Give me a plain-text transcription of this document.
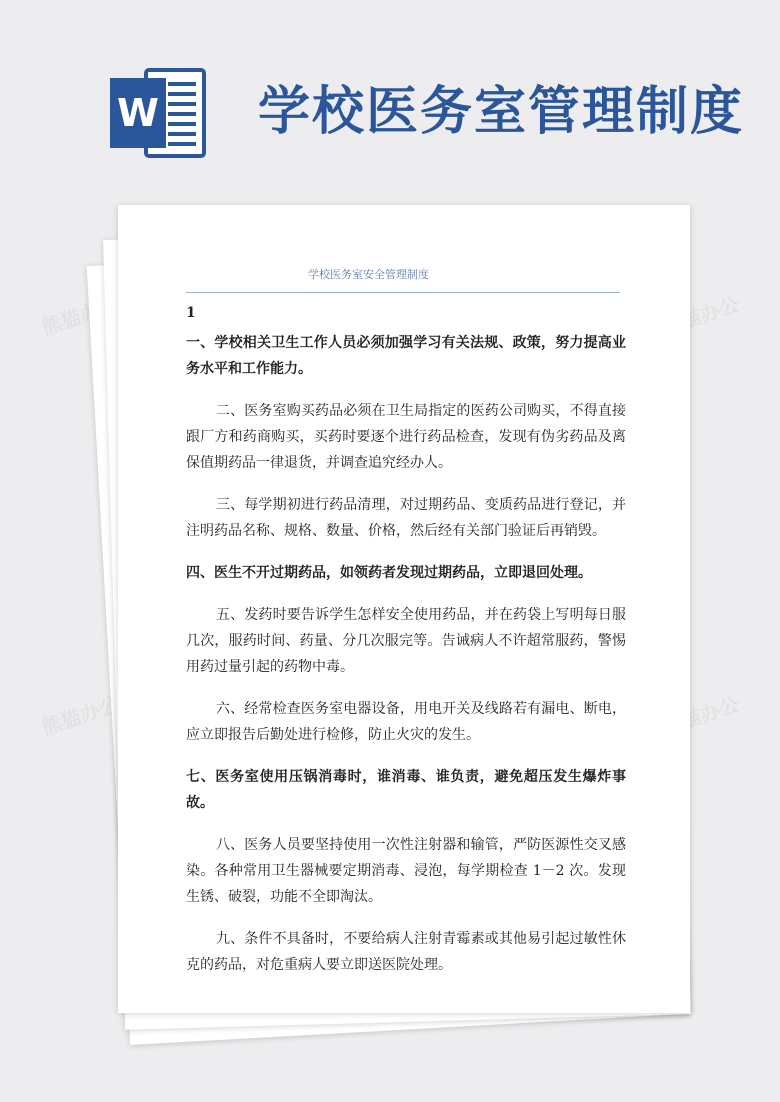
W 学校医务室管理制度
熊猫办公	熊猫办公
熊猫办公	熊猫办公
学校医务室安全管理制度

1

一、学校相关卫生工作人员必须加强学习有关法规、政策，努力提高业务水平和工作能力。

二、医务室购买药品必须在卫生局指定的医药公司购买，不得直接跟厂方和药商购买，买药时要逐个进行药品检查，发现有伪劣药品及离保值期药品一律退货，并调查追究经办人。

三、每学期初进行药品清理，对过期药品、变质药品进行登记，并注明药品名称、规格、数量、价格，然后经有关部门验证后再销毁。

四、医生不开过期药品，如领药者发现过期药品，立即退回处理。

五、发药时要告诉学生怎样安全使用药品，并在药袋上写明每日服几次，服药时间、药量、分几次服完等。告诫病人不许超常服药，警惕用药过量引起的药物中毒。

六、经常检查医务室电器设备，用电开关及线路若有漏电、断电，应立即报告后勤处进行检修，防止火灾的发生。

七、医务室使用压锅消毒时，谁消毒、谁负责，避免超压发生爆炸事故。

八、医务人员要坚持使用一次性注射器和输管，严防医源性交叉感染。各种常用卫生器械要定期消毒、浸泡，每学期检查 1－2 次。发现生锈、破裂，功能不全即淘汰。

九、条件不具备时，不要给病人注射青霉素或其他易引起过敏性休克的药品，对危重病人要立即送医院处理。
